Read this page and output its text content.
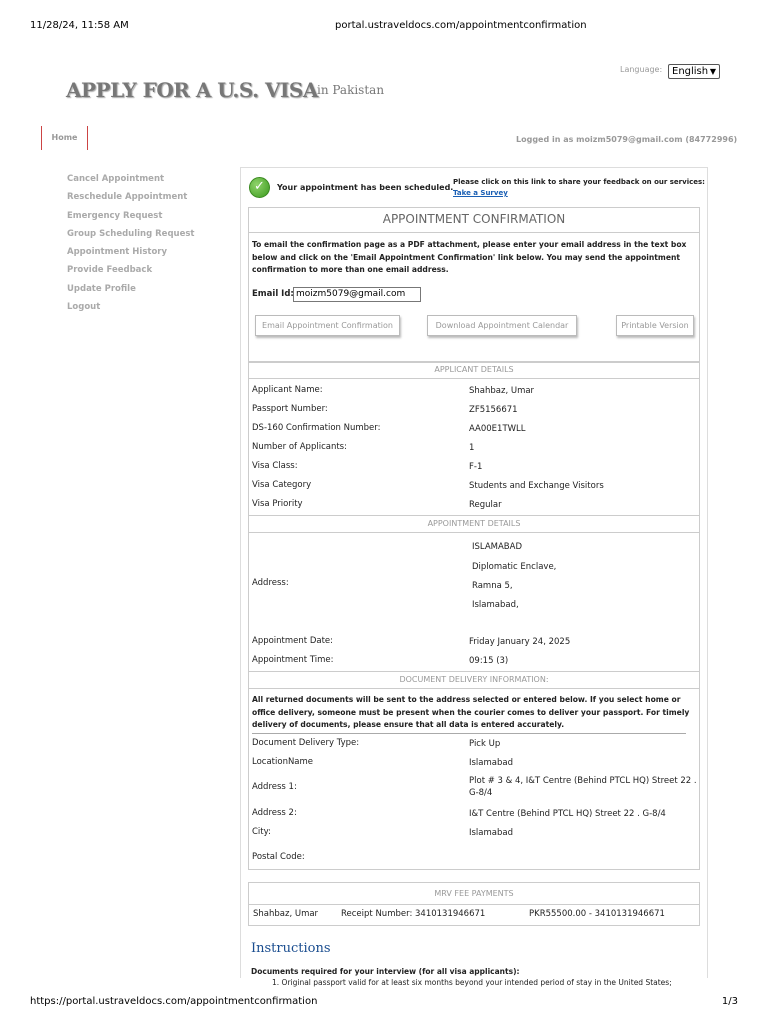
11/28/24, 11:58 AM	portal.ustraveldocs.com/appointmentconfirmation
APPLY FOR A U.S. VISA in Pakistan
Language: English ▼
Home	Logged in as moizm5079@gmail.com (84772996)
Cancel Appointment
Reschedule Appointment
Emergency Request
Group Scheduling Request
Appointment History
Provide Feedback
Update Profile
Logout
✓ Your appointment has been scheduled.
Please click on this link to share your feedback on our services:
Take a Survey
APPOINTMENT CONFIRMATION
To email the confirmation page as a PDF attachment, please enter your email address in the text box below and click on the 'Email Appointment Confirmation' link below. You may send the appointment confirmation to more than one email address.
Email Id: moizm5079@gmail.com
Email Appointment Confirmation	Download Appointment Calendar	Printable Version
APPLICANT DETAILS
Applicant Name:	Shahbaz, Umar
Passport Number:	ZF5156671
DS-160 Confirmation Number:	AA00E1TWLL
Number of Applicants:	1
Visa Class:	F-1
Visa Category	Students and Exchange Visitors
Visa Priority	Regular
APPOINTMENT DETAILS
Address:
ISLAMABAD
Diplomatic Enclave,
Ramna 5,
Islamabad,
Appointment Date:	Friday January 24, 2025
Appointment Time:	09:15 (3)
DOCUMENT DELIVERY INFORMATION:
All returned documents will be sent to the address selected or entered below. If you select home or office delivery, someone must be present when the courier comes to deliver your passport. For timely delivery of documents, please ensure that all data is entered accurately.
Document Delivery Type:	Pick Up
LocationName	Islamabad
Address 1:
Plot # 3 & 4, I&T Centre (Behind PTCL HQ) Street 22 . G-8/4
Address 2:	I&T Centre (Behind PTCL HQ) Street 22 . G-8/4
City:	Islamabad
Postal Code:
MRV FEE PAYMENTS
Shahbaz, Umar	Receipt Number: 3410131946671	PKR55500.00 - 3410131946671
Instructions
Documents required for your interview (for all visa applicants):
1. Original passport valid for at least six months beyond your intended period of stay in the United States;
https://portal.ustraveldocs.com/appointmentconfirmation	1/3
